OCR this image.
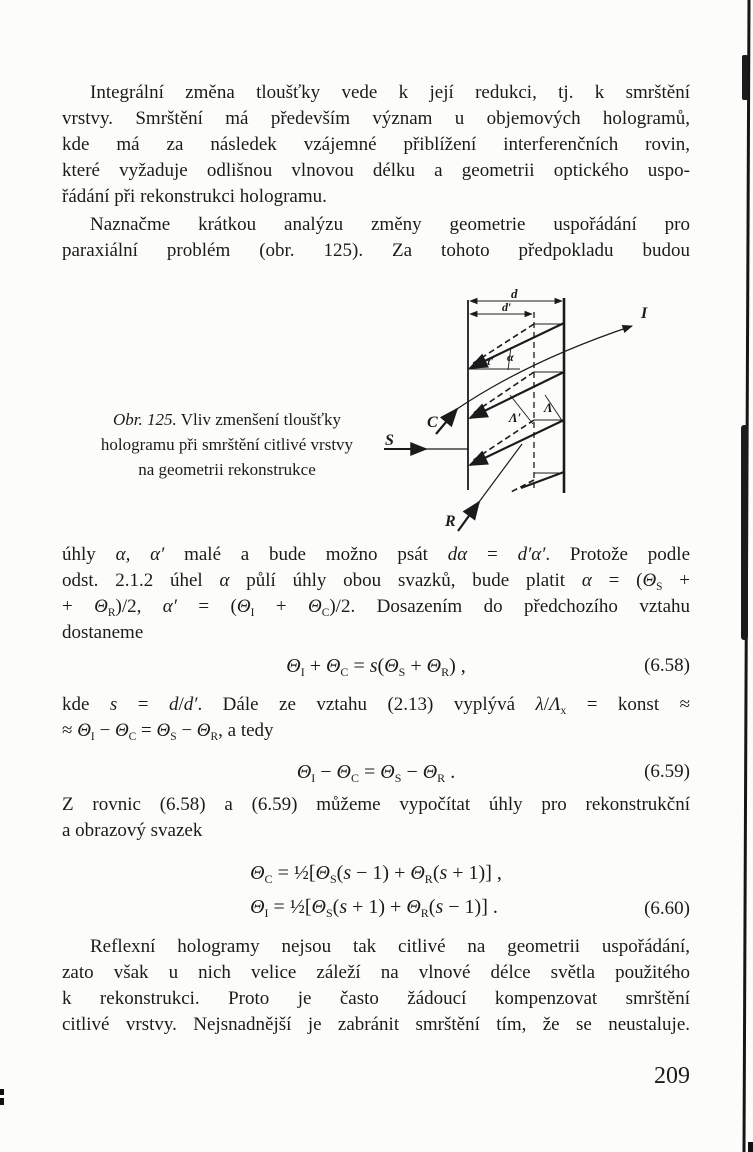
Integrální změna tloušťky vede k její redukci, tj. k smrštění
vrstvy. Smrštění má především význam u objemových hologramů,
kde má za následek vzájemné přiblížení interferenčních rovin,
které vyžaduje odlišnou vlnovou délku a geometrii optického uspo-
řádání při rekonstrukci hologramu.
Naznačme krátkou analýzu změny geometrie uspořádání pro
paraxiální problém (obr. 125). Za tohoto předpokladu budou
d
d′	I
α′ α
Λ′
Λ
C
S
R
Obr. 125. Vliv zmenšení tloušťky
hologramu při smrštění citlivé vrstvy
na geometrii rekonstrukce
úhly α, α′ malé a bude možno psát dα = d′α′. Protože podle
odst. 2.1.2 úhel α půlí úhly obou svazků, bude platit $\alpha = (\Theta_S$ +
+ $\Theta_R)/2$, $\alpha' = (\Theta_I + \Theta_C)/2$. Dosazením do předchozího vztahu
dostaneme
$\Theta_I + \Theta_C = s(\Theta_S + \Theta_R)$ ,	(6.58)
kde s = d/d′. Dále ze vztahu (2.13) vyplývá $\lambda/\Lambda_x$ = konst ≈
≈ $\Theta_I - \Theta_C = \Theta_S - \Theta_R$, a tedy
$\Theta_I - \Theta_C = \Theta_S - \Theta_R$ .	(6.59)
Z rovnic (6.58) a (6.59) můžeme vypočítat úhly pro rekonstrukční
a obrazový svazek
$\Theta_C$ = $\frac{1}{2}[\Theta_S(s - 1) + \Theta_R(s + 1)]$ ,
$\Theta_I$ = $\frac{1}{2}[\Theta_S(s + 1) + \Theta_R(s - 1)]$ .	(6.60)
Reflexní hologramy nejsou tak citlivé na geometrii uspořádání,
zato však u nich velice záleží na vlnové délce světla použitého
k rekonstrukci. Proto je často žádoucí kompenzovat smrštění
citlivé vrstvy. Nejsnadnější je zabránit smrštění tím, že se neustaluje.
209
